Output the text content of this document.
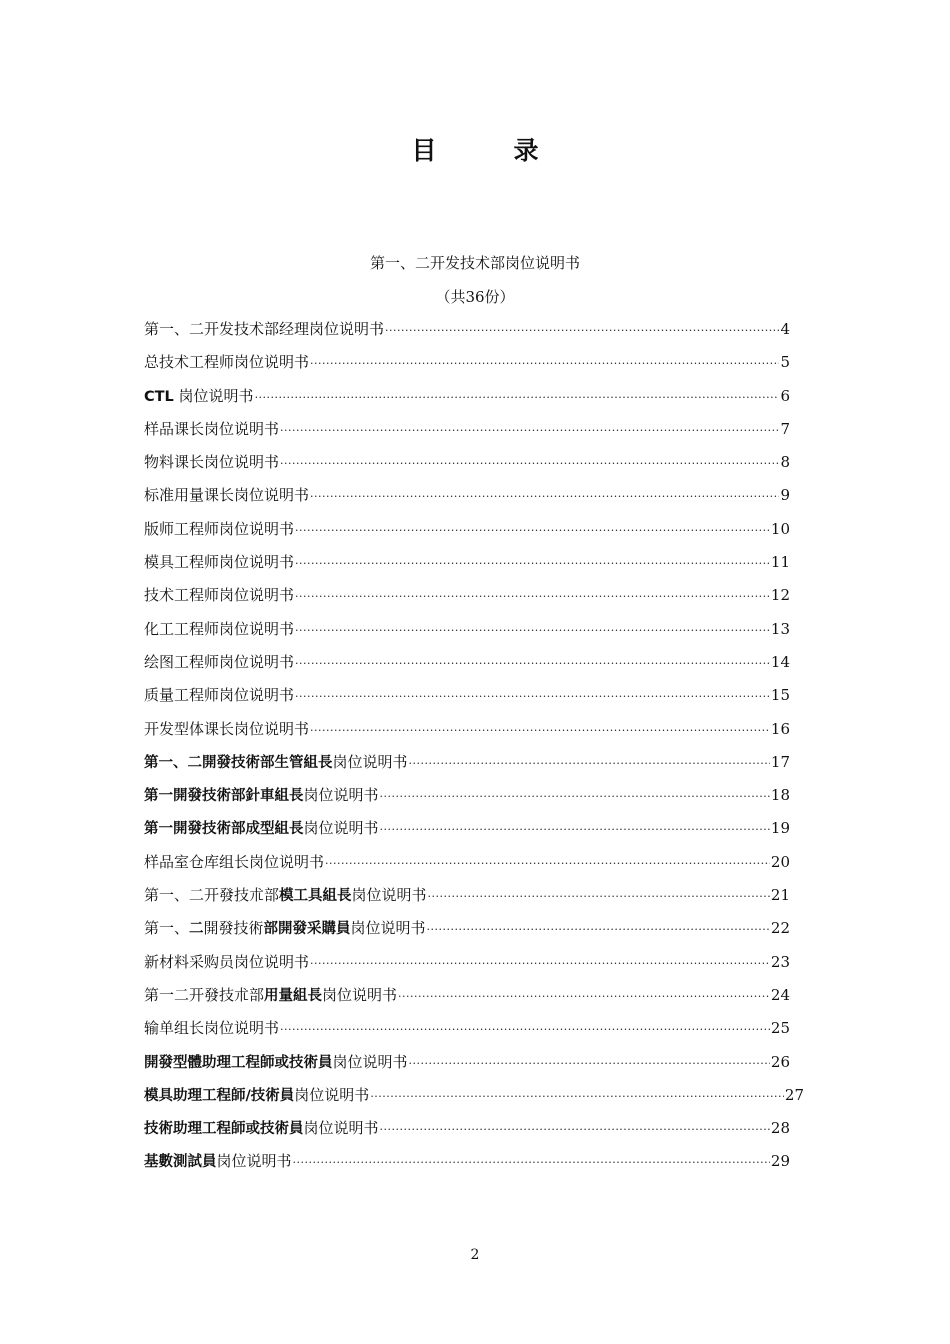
目　录
第一、二开发技术部岗位说明书
（共36份）
第一、二开发技术部经理岗位说明书 ·····	4
总技术工程师岗位说明书 ·····	5
CTL 岗位说明书 ·····	6
样品课长岗位说明书 ·····	7
物料课长岗位说明书 ·····	8
标准用量课长岗位说明书 ·····	9
版师工程师岗位说明书 ·····	10
模具工程师岗位说明书 ·····	11
技术工程师岗位说明书 ·····	12
化工工程师岗位说明书 ·····	13
绘图工程师岗位说明书 ·····	14
质量工程师岗位说明书 ·····	15
开发型体课长岗位说明书 ·····	16
第一、二開發技術部生管組長岗位说明书 ·····	17
第一開發技術部針車組長岗位说明书 ·····	18
第一開發技術部成型組長岗位说明书 ·····	19
样品室仓库组长岗位说明书 ·····	20
第一、二开發技朮部模工具組長岗位说明书 ·····	21
第一、二開發技術部開發采購員岗位说明书 ·····	22
新材料采购员岗位说明书 ·····	23
第一二开發技朮部用量組長岗位说明书 ·····	24
输单组长岗位说明书 ·····	25
開發型體助理工程師或技術員岗位说明书 ·····	26
模具助理工程師/技術員岗位说明书 ·····	27
技術助理工程師或技術員岗位说明书 ·····	28
基數測試員岗位说明书 ·····	29
2
